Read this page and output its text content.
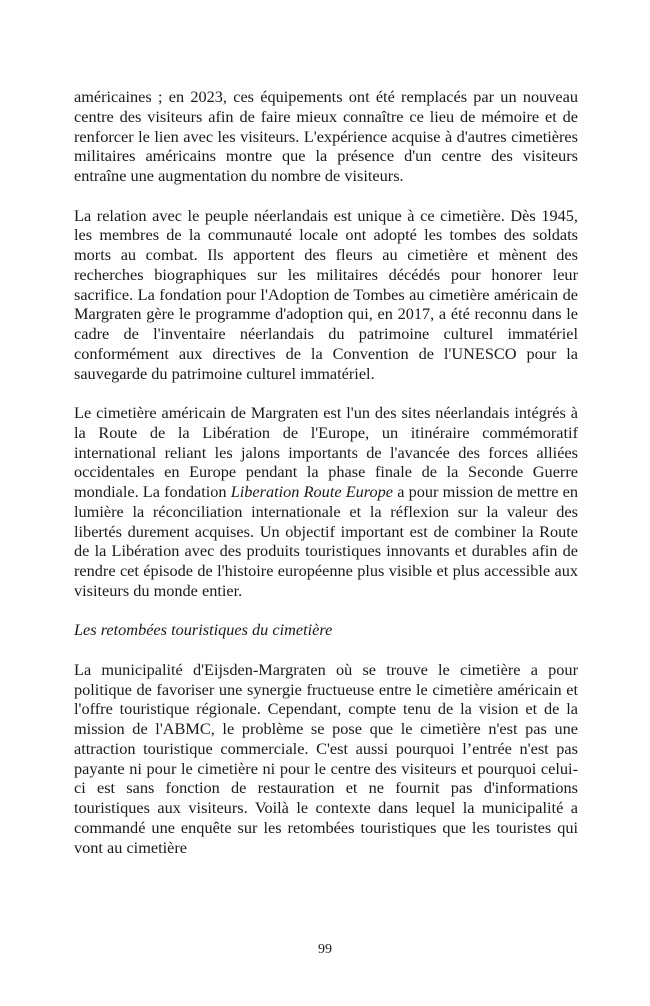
américaines ; en 2023, ces équipements ont été remplacés par un nouveau centre des visiteurs afin de faire mieux connaître ce lieu de mémoire et de renforcer le lien avec les visiteurs. L'expérience acquise à d'autres cimetières militaires américains montre que la présence d'un centre des visiteurs entraîne une augmentation du nombre de visiteurs.

La relation avec le peuple néerlandais est unique à ce cimetière. Dès 1945, les membres de la communauté locale ont adopté les tombes des soldats morts au combat. Ils apportent des fleurs au cimetière et mènent des recherches biographiques sur les militaires décédés pour honorer leur sacrifice. La fondation pour l'Adoption de Tombes au cimetière américain de Margraten gère le programme d'adoption qui, en 2017, a été reconnu dans le cadre de l'inventaire néerlandais du patrimoine culturel immatériel conformément aux directives de la Convention de l'UNESCO pour la sauvegarde du patrimoine culturel immatériel.

Le cimetière américain de Margraten est l'un des sites néerlandais intégrés à la Route de la Libération de l'Europe, un itinéraire commémoratif international reliant les jalons importants de l'avancée des forces alliées occidentales en Europe pendant la phase finale de la Seconde Guerre mondiale. La fondation Liberation Route Europe a pour mission de mettre en lumière la réconciliation internationale et la réflexion sur la valeur des libertés durement acquises. Un objectif important est de combiner la Route de la Libération avec des produits touristiques innovants et durables afin de rendre cet épisode de l'histoire européenne plus visible et plus accessible aux visiteurs du monde entier.

Les retombées touristiques du cimetière

La municipalité d'Eijsden-Margraten où se trouve le cimetière a pour politique de favoriser une synergie fructueuse entre le cimetière américain et l'offre touristique régionale. Cependant, compte tenu de la vision et de la mission de l'ABMC, le problème se pose que le cimetière n'est pas une attraction touristique commerciale. C'est aussi pourquoi l’entrée n'est pas payante ni pour le cimetière ni pour le centre des visiteurs et pourquoi celui-ci est sans fonction de restauration et ne fournit pas d'informations touristiques aux visiteurs. Voilà le contexte dans lequel la municipalité a commandé une enquête sur les retombées touristiques que les touristes qui vont au cimetière

99
